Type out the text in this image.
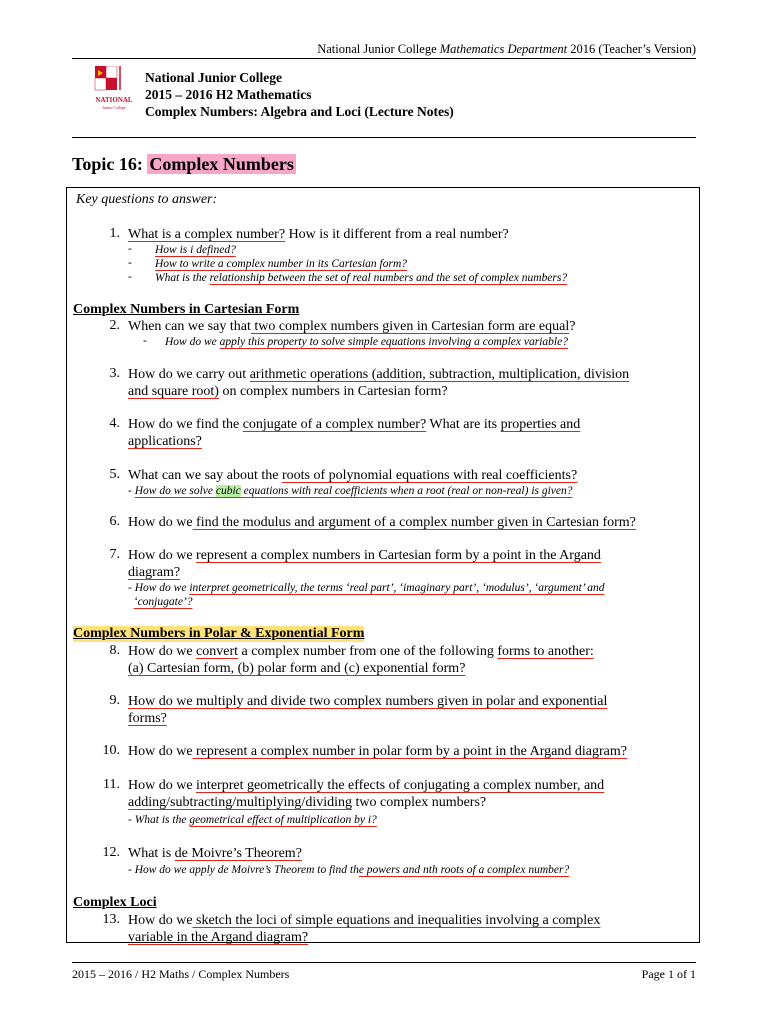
National Junior College Mathematics Department 2016 (Teacher’s Version)
NATIONAL
Junior College
National Junior College
2015 – 2016 H2 Mathematics
Complex Numbers: Algebra and Loci (Lecture Notes)
Topic 16: Complex Numbers
Key questions to answer:
1. What is a complex number? How is it different from a real number?
- How is i defined?
- How to write a complex number in its Cartesian form?
- What is the relationship between the set of real numbers and the set of complex numbers?
Complex Numbers in Cartesian Form
2. When can we say that two complex numbers given in Cartesian form are equal?
- How do we apply this property to solve simple equations involving a complex variable?
3. How do we carry out arithmetic operations (addition, subtraction, multiplication, division
and square root) on complex numbers in Cartesian form?
4. How do we find the conjugate of a complex number? What are its properties and
applications?
5. What can we say about the roots of polynomial equations with real coefficients?
- How do we solve cubic equations with real coefficients when a root (real or non-real) is given?
6. How do we find the modulus and argument of a complex number given in Cartesian form?
7. How do we represent a complex numbers in Cartesian form by a point in the Argand
diagram?
- How do we interpret geometrically, the terms ‘real part’, ‘imaginary part’, ‘modulus’, ‘argument’ and
‘conjugate’?
Complex Numbers in Polar & Exponential Form
8. How do we convert a complex number from one of the following forms to another:
(a) Cartesian form, (b) polar form and (c) exponential form?
9. How do we multiply and divide two complex numbers given in polar and exponential
forms?
10. How do we represent a complex number in polar form by a point in the Argand diagram?
11. How do we interpret geometrically the effects of conjugating a complex number, and
adding/subtracting/multiplying/dividing two complex numbers?
- What is the geometrical effect of multiplication by i?
12. What is de Moivre’s Theorem?
- How do we apply de Moivre’s Theorem to find the powers and nth roots of a complex number?
Complex Loci
13. How do we sketch the loci of simple equations and inequalities involving a complex
variable in the Argand diagram?
2015 – 2016 / H2 Maths / Complex Numbers	Page 1 of 1
